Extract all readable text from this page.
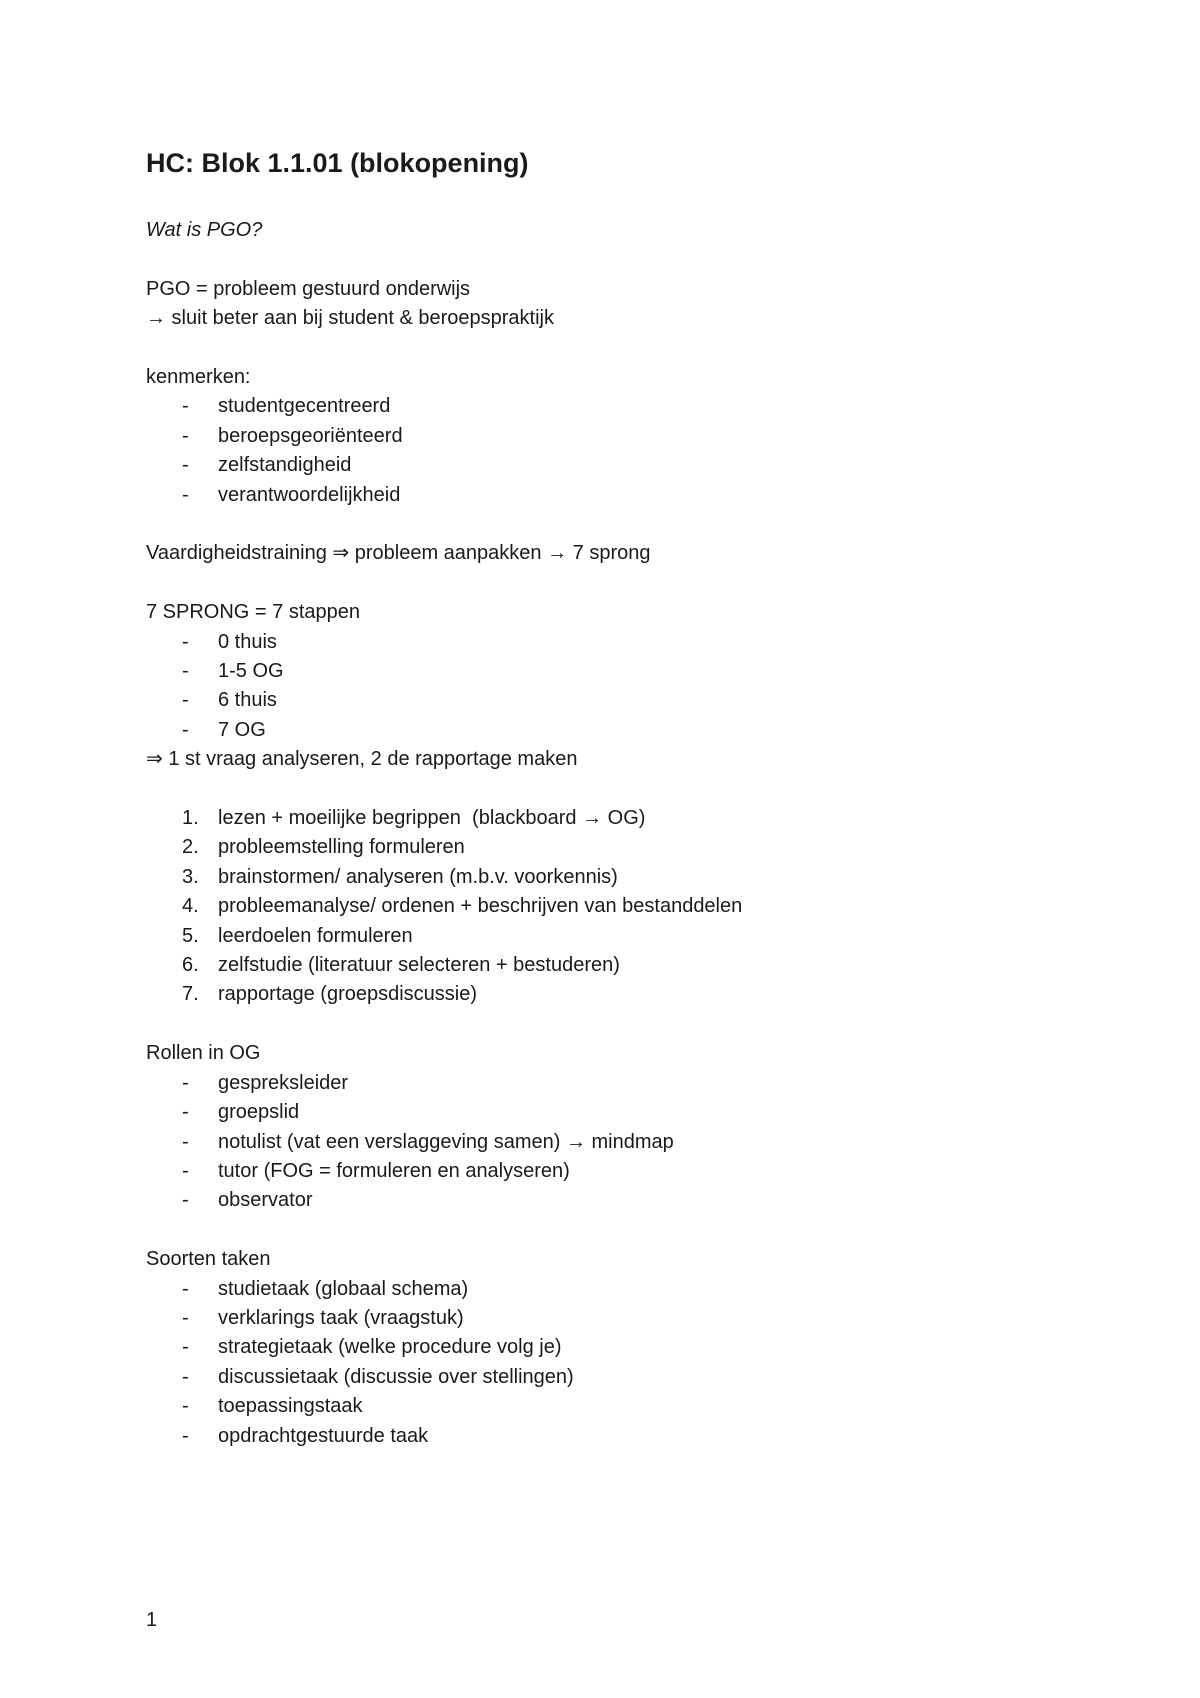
HC: Blok 1.1.01 (blokopening)
Wat is PGO?
PGO = probleem gestuurd onderwijs
→ sluit beter aan bij student & beroepspraktijk
kenmerken:
- studentgecentreerd
- beroepsgeoriënteerd
- zelfstandigheid
- verantwoordelijkheid
Vaardigheidstraining ⇒ probleem aanpakken → 7 sprong
7 SPRONG = 7 stappen
- 0 thuis
- 1-5 OG
- 6 thuis
- 7 OG
⇒ 1 st vraag analyseren, 2 de rapportage maken
1. lezen + moeilijke begrippen  (blackboard → OG)
2. probleemstelling formuleren
3. brainstormen/ analyseren (m.b.v. voorkennis)
4. probleemanalyse/ ordenen + beschrijven van bestanddelen
5. leerdoelen formuleren
6. zelfstudie (literatuur selecteren + bestuderen)
7. rapportage (groepsdiscussie)
Rollen in OG
- gespreksleider
- groepslid
- notulist (vat een verslaggeving samen) → mindmap
- tutor (FOG = formuleren en analyseren)
- observator
Soorten taken
- studietaak (globaal schema)
- verklarings taak (vraagstuk)
- strategietaak (welke procedure volg je)
- discussietaak (discussie over stellingen)
- toepassingstaak
- opdrachtgestuurde taak
1
